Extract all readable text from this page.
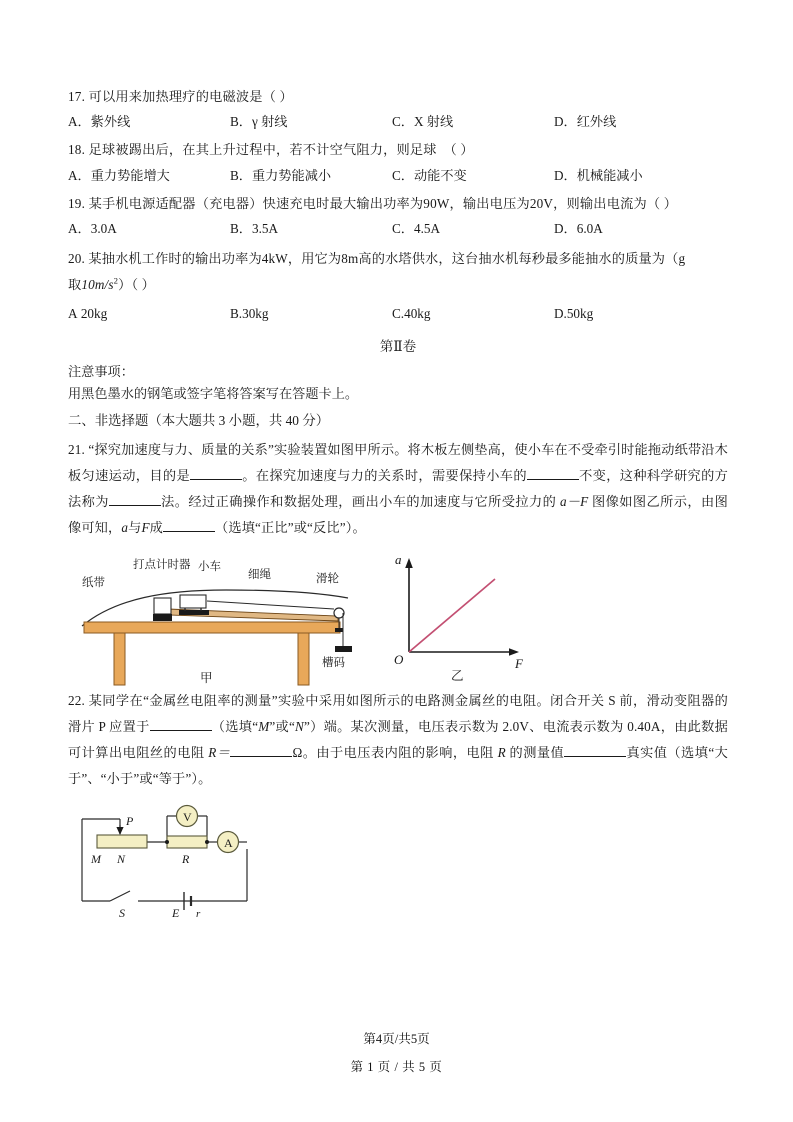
17. 可以用来加热理疗的电磁波是（ ）

A．紫外线	B．γ 射线	C．X 射线	D．红外线

18. 足球被踢出后，在其上升过程中，若不计空气阻力，则足球　（ ）

A．重力势能增大	B．重力势能减小	C．动能不变	D．机械能减小

19. 某手机电源适配器（充电器）快速充电时最大输出功率为90W，输出电压为20V，则输出电流为（ ）

A．3.0A	B．3.5A	C．4.5A	D．6.0A

20. 某抽水机工作时的输出功率为4kW，用它为8m高的水塔供水，这台抽水机每秒最多能抽水的质量为（g
取$10m/s^2$）（ ）

A 20kg	B.30kg	C.40kg	D.50kg
第Ⅱ卷

注意事项：

用黑色墨水的钢笔或签字笔将答案写在答题卡上。

二、非选择题（本大题共 3 小题，共 40 分）

21. “探究加速度与力、质量的关系”实验装置如图甲所示。将木板左侧垫高，使小车在不受牵引时能拖动纸带沿木板匀速运动，目的是	。在探究加速度与力的关系时，需要保持小车的	不变，这种科学研究的方法称为	法。经过正确操作和数据处理，画出小车的加速度与它所受拉力的 a－F 图像如图乙所示，由图像可知，a与F成	（选填“正比”或“反比”）。

打点计时器 小车
细绳	滑轮
纸带
槽码
甲
a
F
O
乙

22. 某同学在“金属丝电阻率的测量”实验中采用如图所示的电路测金属丝的电阻。闭合开关 S 前，滑动变阻器的滑片 P 应置于	（选填“M”或“N”）端。某次测量，电压表示数为 2.0V、电流表示数为 0.40A，由此数据可计算出电阻丝的电阻 R＝	Ω。由于电压表内阻的影响，电阻 R 的测量值	真实值（选填“大于”、“小于”或“等于”）。

V
A
P
M N	R
S	E r
第4页/共5页
第 1 页 / 共 5 页
